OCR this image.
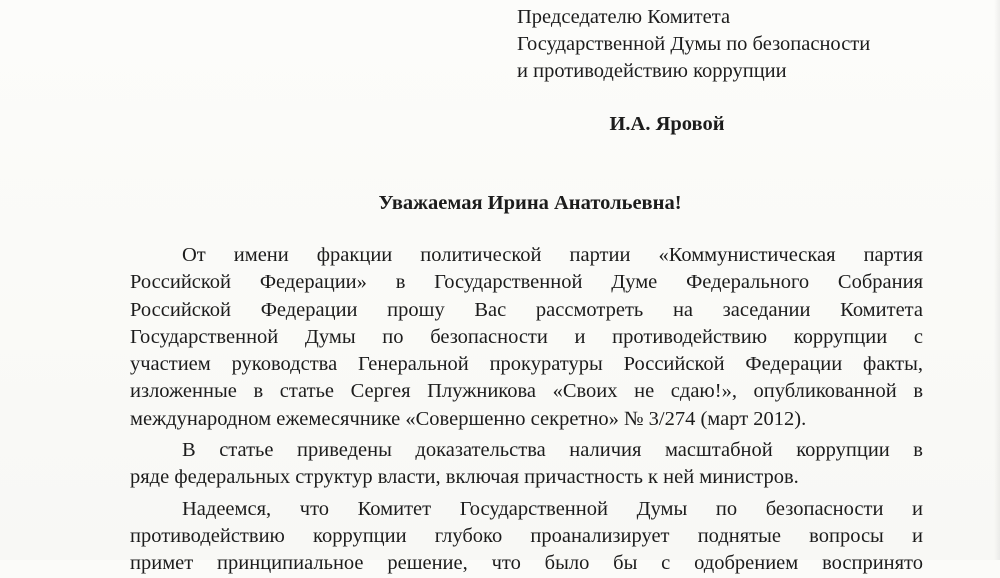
Председателю Комитета
Государственной Думы по безопасности
и противодействию коррупции
И.А. Яровой
Уважаемая Ирина Анатольевна!

От имени фракции политической партии «Коммунистическая партия
Российской Федерации» в Государственной Думе Федерального Собрания
Российской Федерации прошу Вас рассмотреть на заседании Комитета
Государственной Думы по безопасности и противодействию коррупции с
участием руководства Генеральной прокуратуры Российской Федерации факты,
изложенные в статье Сергея Плужникова «Своих не сдаю!», опубликованной в
международном ежемесячнике «Совершенно секретно» № 3/274 (март 2012).

В статье приведены доказательства наличия масштабной коррупции в
ряде федеральных структур власти, включая причастность к ней министров.

Надеемся, что Комитет Государственной Думы по безопасности и
противодействию коррупции глубоко проанализирует поднятые вопросы и
примет принципиальное решение, что было бы с одобрением воспринято
